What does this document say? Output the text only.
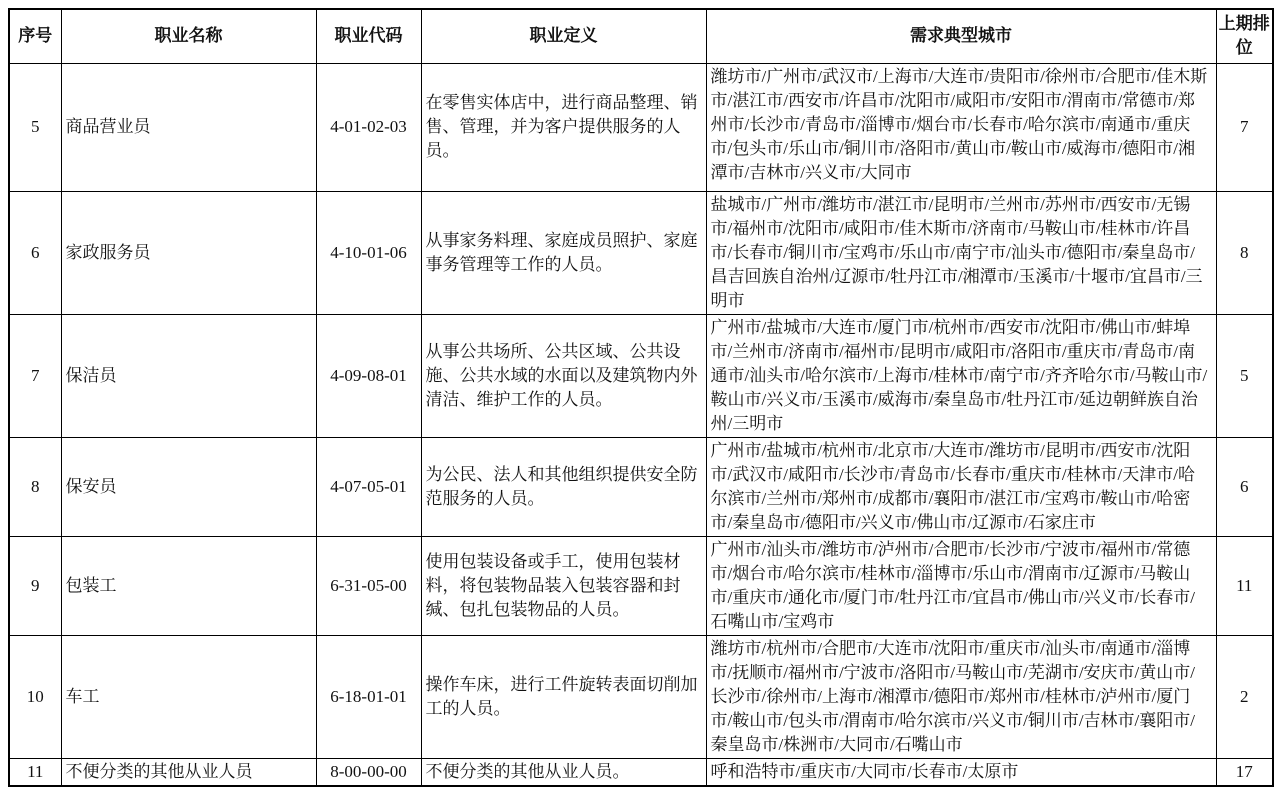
序号	职业名称	职业代码	职业定义	需求典型城市	上期排位
5	商品营业员	4-01-02-03	在零售实体店中，进行商品整理、销售、管理，并为客户提供服务的人员。	潍坊市/广州市/武汉市/上海市/大连市/贵阳市/徐州市/合肥市/佳木斯市/湛江市/西安市/许昌市/沈阳市/咸阳市/安阳市/渭南市/常德市/郑州市/长沙市/青岛市/淄博市/烟台市/长春市/哈尔滨市/南通市/重庆市/包头市/乐山市/铜川市/洛阳市/黄山市/鞍山市/威海市/德阳市/湘潭市/吉林市/兴义市/大同市	7
6	家政服务员	4-10-01-06	从事家务料理、家庭成员照护、家庭事务管理等工作的人员。	盐城市/广州市/潍坊市/湛江市/昆明市/兰州市/苏州市/西安市/无锡市/福州市/沈阳市/咸阳市/佳木斯市/济南市/马鞍山市/桂林市/许昌市/长春市/铜川市/宝鸡市/乐山市/南宁市/汕头市/德阳市/秦皇岛市/昌吉回族自治州/辽源市/牡丹江市/湘潭市/玉溪市/十堰市/宜昌市/三明市	8
7	保洁员	4-09-08-01	从事公共场所、公共区域、公共设施、公共水域的水面以及建筑物内外清洁、维护工作的人员。	广州市/盐城市/大连市/厦门市/杭州市/西安市/沈阳市/佛山市/蚌埠市/兰州市/济南市/福州市/昆明市/咸阳市/洛阳市/重庆市/青岛市/南通市/汕头市/哈尔滨市/上海市/桂林市/南宁市/齐齐哈尔市/马鞍山市/鞍山市/兴义市/玉溪市/威海市/秦皇岛市/牡丹江市/延边朝鲜族自治州/三明市	5
8	保安员	4-07-05-01	为公民、法人和其他组织提供安全防范服务的人员。	广州市/盐城市/杭州市/北京市/大连市/潍坊市/昆明市/西安市/沈阳市/武汉市/咸阳市/长沙市/青岛市/长春市/重庆市/桂林市/天津市/哈尔滨市/兰州市/郑州市/成都市/襄阳市/湛江市/宝鸡市/鞍山市/哈密市/秦皇岛市/德阳市/兴义市/佛山市/辽源市/石家庄市	6
9	包装工	6-31-05-00	使用包装设备或手工，使用包装材料，将包装物品装入包装容器和封缄、包扎包装物品的人员。	广州市/汕头市/潍坊市/泸州市/合肥市/长沙市/宁波市/福州市/常德市/烟台市/哈尔滨市/桂林市/淄博市/乐山市/渭南市/辽源市/马鞍山市/重庆市/通化市/厦门市/牡丹江市/宜昌市/佛山市/兴义市/长春市/石嘴山市/宝鸡市	11
10	车工	6-18-01-01	操作车床，进行工件旋转表面切削加工的人员。	潍坊市/杭州市/合肥市/大连市/沈阳市/重庆市/汕头市/南通市/淄博市/抚顺市/福州市/宁波市/洛阳市/马鞍山市/芜湖市/安庆市/黄山市/长沙市/徐州市/上海市/湘潭市/德阳市/郑州市/桂林市/泸州市/厦门市/鞍山市/包头市/渭南市/哈尔滨市/兴义市/铜川市/吉林市/襄阳市/秦皇岛市/株洲市/大同市/石嘴山市	2
11	不便分类的其他从业人员	8-00-00-00	不便分类的其他从业人员。	呼和浩特市/重庆市/大同市/长春市/太原市	17
